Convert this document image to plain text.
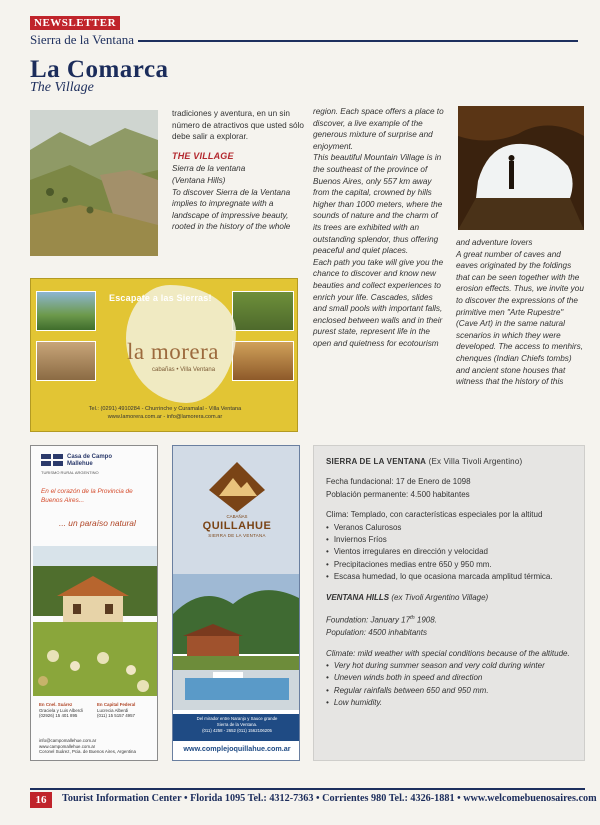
NEWSLETTER
Sierra de la Ventana
La Comarca
The Village

tradiciones y aventura, en un sin número de atractivos que usted sólo debe salir a explorar.

THE VILLAGE

Sierra de la ventana

(Ventana Hills)

To discover Sierra de la Ventana implies to impregnate with a landscape of impressive beauty, rooted in the history of the whole

region. Each space offers a place to discover, a live example of the generous mixture of surprise and enjoyment.

This beautiful Mountain Village is in the southeast of the province of Buenos Aires, only 557 km away from the capital, crowned by hills higher than 1000 meters, where the sounds of nature and the charm of its trees are exhibited with an outstanding splendor, thus offering peaceful and quiet places.

Each path you take will give you the chance to discover and know new beauties and collect experiences to enrich your life. Cascades, slides and small pools with important falls, enclosed between walls and in their purest state, represent life in the open and quietness for ecotourism

and adventure lovers

A great number of caves and eaves originated by the foldings that can be seen together with the erosion effects. Thus, we invite you to discover the expressions of the primitive men "Arte Rupestre" (Cave Art) in the same natural scenarios in which they were developed. The access to menhirs, chenques (Indian Chiefs tombs) and ancient stone houses that witness that the history of this

Escapate a las Sierras!
la morera
cabañas • Villa Ventana
Tel.: (0291) 4910284 - Churrinche y Curamalal - Villa Ventana
www.lamorera.com.ar - info@lamorera.com.ar
Casa de Campo
Mallehue
TURISMO RURAL ARGENTINO
En el corazón de la Provincia de Buenos Aires...
... un paraíso natural
En Cnel. Suárez
Graciela y Luis Alberdi
(02926) 15 401 895
En Capital Federal
Lucrecia Alberdi
(011) 15 5157 4957
info@campomallehue.com.ar
www.campomallehue.com.ar
Coronel Suárez, Pcia. de Buenos Aires, Argentina
CABAÑAS
QUILLAHUE
SIERRA DE LA VENTANA
Del mirador entre Naranjo y Sauce grande
Sierra de la Ventana.
(011) 4258 - 2652 (011) 1562106205
www.complejoquillahue.com.ar
SIERRA DE LA VENTANA (Ex Villa Tivoli Argentino)
Fecha fundacional: 17 de Enero de 1098
Población permanente: 4.500 habitantes
Clima: Templado, con características especiales por la altitud
• Veranos Calurosos
• Inviernos Fríos
• Vientos irregulares en dirección y velocidad
• Precipitaciones medias entre 650 y 950 mm.
• Escasa humedad, lo que ocasiona marcada amplitud térmica.
VENTANA HILLS (ex Tivoli Argentino Village)
Foundation: January 17th 1908.
Population: 4500 inhabitants
Climate: mild weather with special conditions because of the altitude.
• Very hot during summer season and very cold during winter
• Uneven winds both in speed and direction
• Regular rainfalls between 650 and 950 mm.
• Low humidity.
16	Tourist Information Center • Florida 1095 Tel.: 4312-7363 • Corrientes 980 Tel.: 4326-1881 • www.welcomebuenosaires.com
